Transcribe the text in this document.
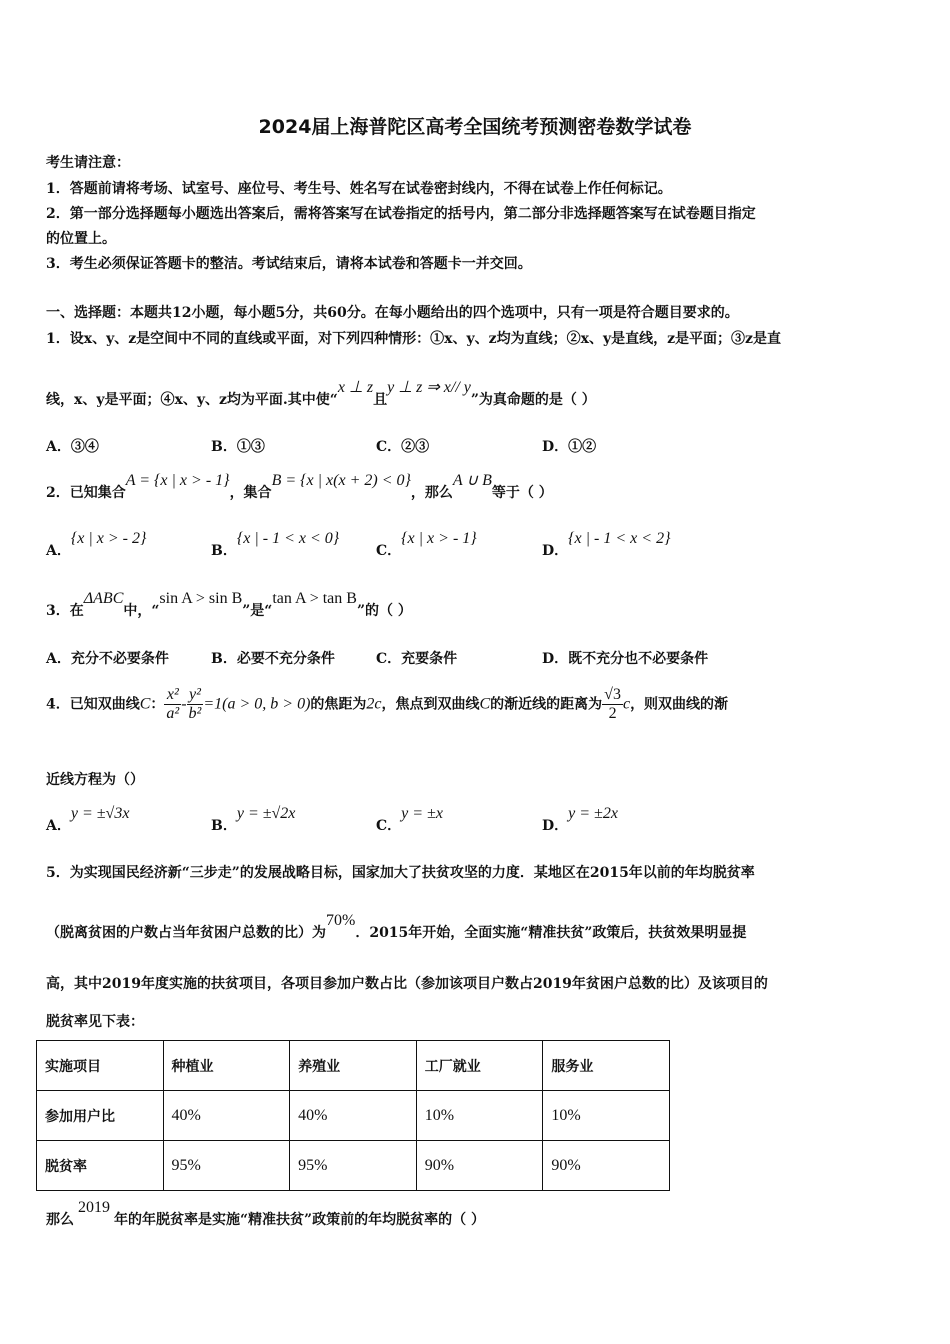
2024届上海普陀区高考全国统考预测密卷数学试卷
考生请注意：
1．答题前请将考场、试室号、座位号、考生号、姓名写在试卷密封线内，不得在试卷上作任何标记。
2．第一部分选择题每小题选出答案后，需将答案写在试卷指定的括号内，第二部分非选择题答案写在试卷题目指定
的位置上。
3．考生必须保证答题卡的整洁。考试结束后，请将本试卷和答题卡一并交回。
一、选择题：本题共12小题，每小题5分，共60分。在每小题给出的四个选项中，只有一项是符合题目要求的。
1．设x、y、z是空间中不同的直线或平面，对下列四种情形：①x、y、z均为直线；②x、y是直线，z是平面；③z是直
线，x、y是平面；④x、y、z均为平面.其中使“x ⊥ z且y ⊥ z ⇒ x// y”为真命题的是（ ）
A．③④	B．①③	C．②③	D．①②
2．已知集合A = {x | x > - 1}，集合B = {x | x(x + 2) < 0}，那么A ∪ B等于（ ）
A．{x | x > - 2}
B．{x | - 1 < x < 0}
C．{x | x > - 1}
D．{x | - 1 < x < 2}
3．在ΔABC中，“sin A > sin B”是“tan A > tan B”的（ ）
A．充分不必要条件	B．必要不充分条件	C．充要条件	D．既不充分也不必要条件
4．已知双曲线C： $\frac{\text{x²}}{\text{a²}} - \frac{\text{y²}}{\text{b²}} =1(a > 0$, b > 0)的焦距为2c，焦点到双曲线C的渐近线的距离为 $\frac{√3}{2}$ c，则双曲线的渐
近线方程为（）
A．y = ±√3x
B．y = ±√2x
C．y = ±x
D．y = ±2x
5．为实现国民经济新“三步走”的发展战略目标，国家加大了扶贫攻坚的力度．某地区在2015年以前的年均脱贫率
（脱离贫困的户数占当年贫困户总数的比）为70%．2015年开始，全面实施“精准扶贫”政策后，扶贫效果明显提
高，其中2019年度实施的扶贫项目，各项目参加户数占比（参加该项目户数占2019年贫困户总数的比）及该项目的
脱贫率见下表：
实施项目	种植业	养殖业	工厂就业	服务业
参加用户比	40%	40%	10%	10%
脱贫率	95%	95%	90%	90%
那么2019年的年脱贫率是实施“精准扶贫”政策前的年均脱贫率的（ ）
